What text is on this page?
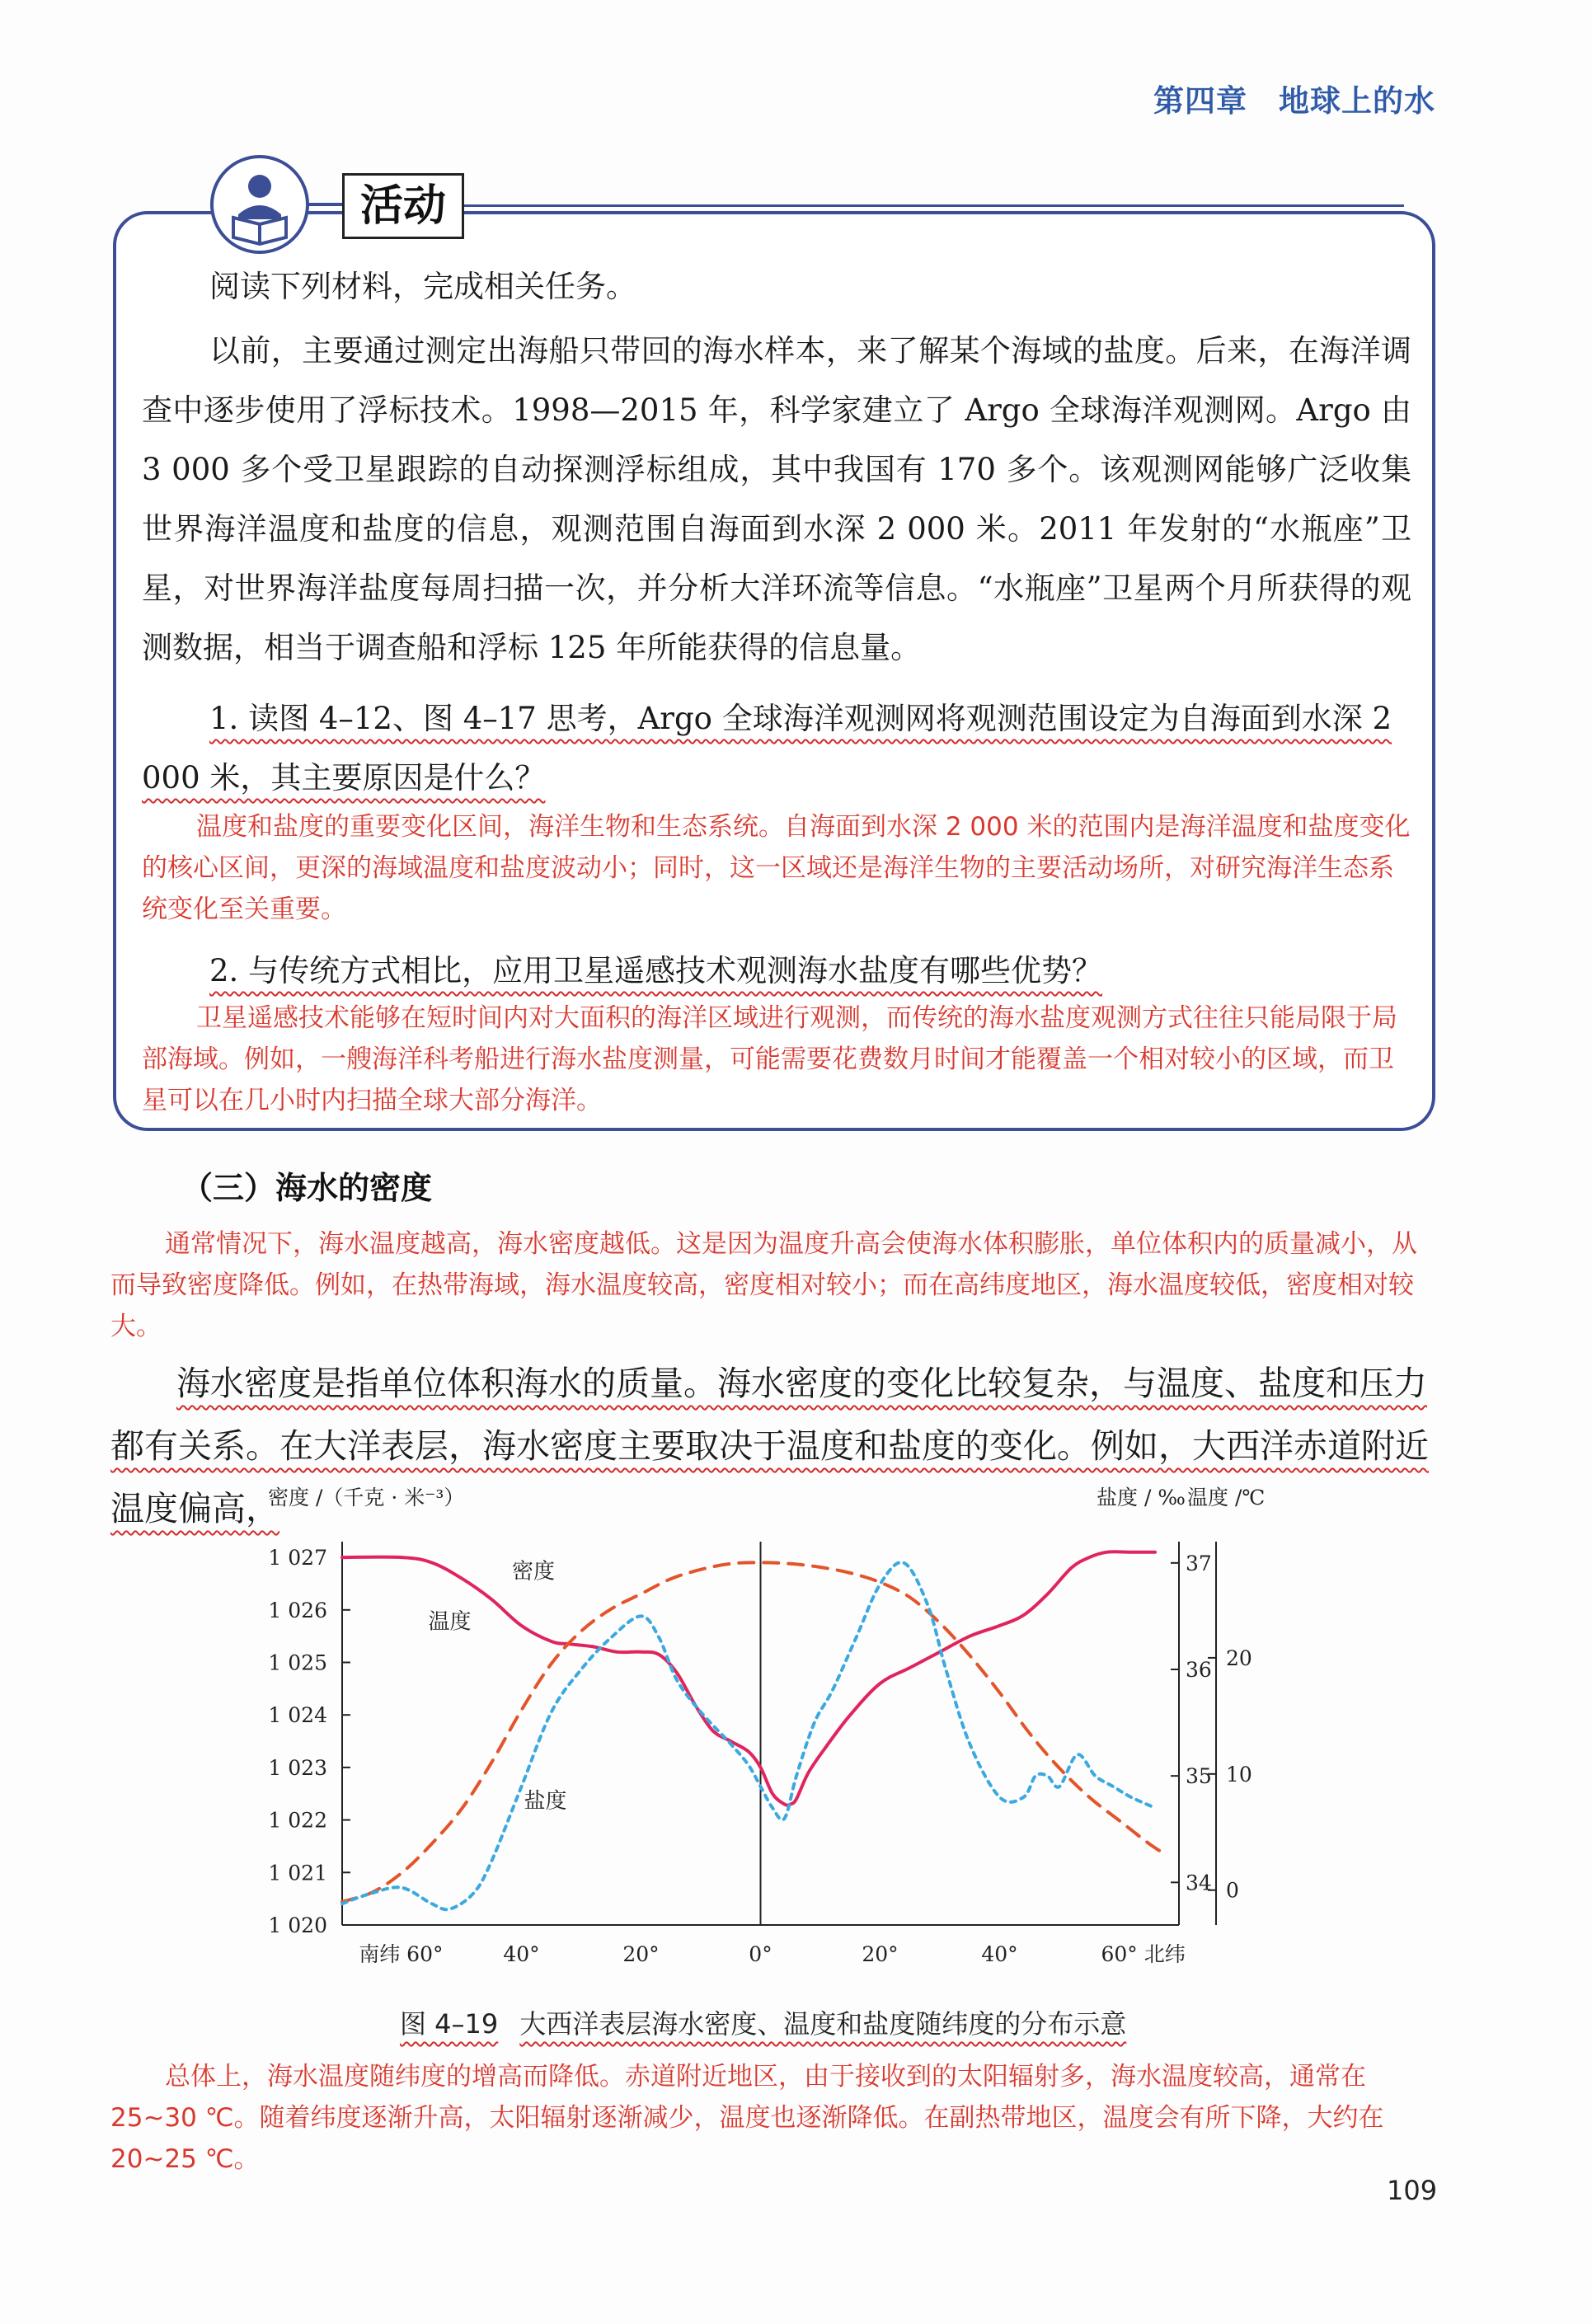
第四章 地球上的水
活动
阅读下列材料，完成相关任务。
以前，主要通过测定出海船只带回的海水样本，来了解某个海域的盐度。后来，在海洋调查中逐步使用了浮标技术。1998—2015 年，科学家建立了 Argo 全球海洋观测网。Argo 由 3 000 多个受卫星跟踪的自动探测浮标组成，其中我国有 170 多个。该观测网能够广泛收集世界海洋温度和盐度的信息，观测范围自海面到水深 2 000 米。2011 年发射的“水瓶座”卫星，对世界海洋盐度每周扫描一次，并分析大洋环流等信息。“水瓶座”卫星两个月所获得的观测数据，相当于调查船和浮标 125 年所能获得的信息量。
1. 读图 4–12、图 4–17 思考，Argo 全球海洋观测网将观测范围设定为自海面到水深 2 000 米，其主要原因是什么？
温度和盐度的重要变化区间，海洋生物和生态系统。自海面到水深 2 000 米的范围内是海洋温度和盐度变化的核心区间，更深的海域温度和盐度波动小；同时，这一区域还是海洋生物的主要活动场所，对研究海洋生态系统变化至关重要。
2. 与传统方式相比，应用卫星遥感技术观测海水盐度有哪些优势？
卫星遥感技术能够在短时间内对大面积的海洋区域进行观测，而传统的海水盐度观测方式往往只能局限于局部海域。例如，一艘海洋科考船进行海水盐度测量，可能需要花费数月时间才能覆盖一个相对较小的区域，而卫星可以在几小时内扫描全球大部分海洋。
（三）海水的密度
通常情况下，海水温度越高，海水密度越低。这是因为温度升高会使海水体积膨胀，单位体积内的质量减小，从而导致密度降低。例如，在热带海域，海水温度较高，密度相对较小；而在高纬度地区，海水温度较低，密度相对较大。
海水密度是指单位体积海水的质量。海水密度的变化比较复杂，与温度、盐度和压力都有关系。在大洋表层，海水密度主要取决于温度和盐度的变化。例如，大西洋赤道附近温度偏高，
1 020
1 021
1 022
1 023
1 024
1 025
1 026
1 027
34
35
36
37
0
10
20
南纬 60°	40°	20°	0°	20°	40°	60° 北纬
密度 /（千克 · 米⁻³）	盐度 / ‰ 温度 /℃
密度
温度
盐度
图 4–19 大西洋表层海水密度、温度和盐度随纬度的分布示意
总体上，海水温度随纬度的增高而降低。赤道附近地区，由于接收到的太阳辐射多，海水温度较高，通常在 25~30 ℃。随着纬度逐渐升高，太阳辐射逐渐减少，温度也逐渐降低。在副热带地区，温度会有所下降，大约在 20~25 ℃。
109
